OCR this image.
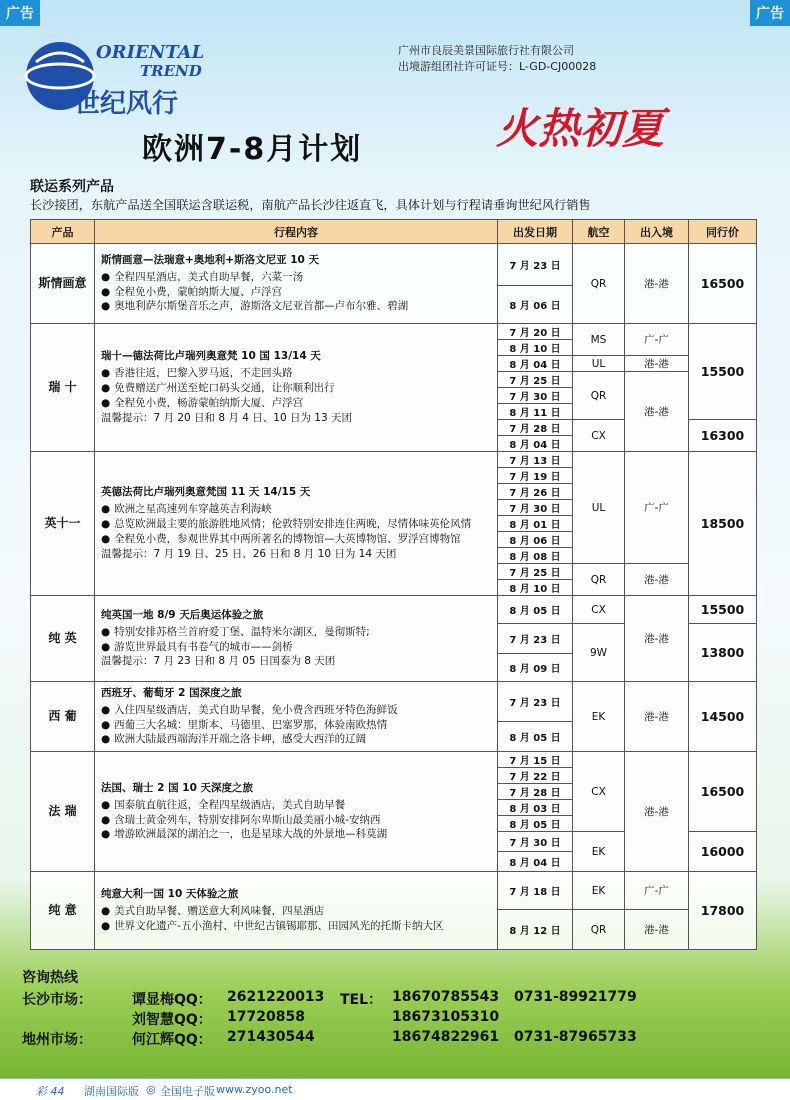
广告	广告
ORIENTAL
TREND
世纪风行
广州市良辰美景国际旅行社有限公司
出境游组团社许可证号：L-GD-CJ00028
欧洲7-8月计划	火热初夏
联运系列产品
长沙接团，东航产品送全国联运含联运税，南航产品长沙往返直飞，具体计划与行程请垂询世纪风行销售
产品	行程内容	出发日期	航空	出入境	同行价
斯情画意	斯情画意—法瑞意+奥地利+斯洛文尼亚 10 天
● 全程四星酒店，美式自助早餐，六菜一汤
● 全程免小费，蒙帕纳斯大厦、卢浮宫
● 奥地利萨尔斯堡音乐之声，游斯洛文尼亚首都—卢布尔雅、碧湖	7 月 23 日	QR	港-港	16500
		8 月 06 日			
瑞 十	瑞十—德法荷比卢瑞列奥意梵 10 国 13/14 天
● 香港往返，巴黎入罗马返，不走回头路
● 免费赠送广州送至蛇口码头交通，让你顺利出行
● 全程免小费，畅游蒙帕纳斯大厦、卢浮宫
温馨提示：7 月 20 日和 8 月 4 日、10 日为 13 天团	7 月 20 日	MS	广-广	15500
		8 月 10 日			
		8 月 04 日	UL	港-港	
		7 月 25 日	QR	港-港	
		7 月 30 日			
		8 月 11 日			
		7 月 28 日	CX		16300
		8 月 04 日			
英十一	英德法荷比卢瑞列奥意梵国 11 天 14/15 天
● 欧洲之星高速列车穿越英吉利海峡
● 总览欧洲最主要的旅游胜地风情；伦敦特别安排连住两晚，尽情体味英伦风情
● 全程免小费，参观世界其中两所著名的博物馆—大英博物馆、罗浮宫博物馆
温馨提示：7 月 19 日、25 日、26 日和 8 月 10 日为 14 天团	7 月 13 日	UL	广-广	18500
		7 月 19 日			
		7 月 26 日			
		7 月 30 日			
		8 月 01 日			
		8 月 06 日			
		8 月 08 日			
		7 月 25 日	QR	港-港	
		8 月 10 日			
纯 英	纯英国一地 8/9 天后奥运体验之旅
● 特别安排苏格兰首府爱丁堡、温特米尔湖区，曼彻斯特;
● 游览世界最具有书卷气的城市——剑桥
温馨提示：7 月 23 日和 8 月 05 日国泰为 8 天团	8 月 05 日	CX	港-港	15500
		7 月 23 日	9W		13800
		8 月 09 日			
西 葡	西班牙、葡萄牙 2 国深度之旅
● 入住四星级酒店，美式自助早餐，免小费含西班牙特色海鲜饭
● 西葡三大名城：里斯本、马德里、巴塞罗那，体验南欧热情
● 欧洲大陆最西端海洋开端之洛卡岬，感受大西洋的辽阔	7 月 23 日	EK	港-港	14500
		8 月 05 日			
法 瑞	法国、瑞士 2 国 10 天深度之旅
● 国泰航直航往返，全程四星级酒店，美式自助早餐
● 含瑞士黄金列车，特别安排阿尔卑斯山最美丽小城-安纳西
● 增游欧洲最深的湖泊之一，也是星球大战的外景地—科莫湖	7 月 15 日	CX	港-港	16500
		7 月 22 日			
		7 月 28 日			
		8 月 03 日			
		8 月 05 日			
		7 月 30 日	EK		16000
		8 月 04 日			
纯 意	纯意大利一国 10 天体验之旅
● 美式自助早餐、赠送意大利风味餐，四星酒店
● 世界文化遗产-五小渔村、中世纪古镇锡耶那、田园风光的托斯卡纳大区	7 月 18 日	EK	广-广	17800
		8 月 12 日	QR	港-港	
咨询热线
长沙市场：	谭显梅QQ： 2621220013 TEL： 18670785543 0731-89921779
刘智慧QQ： 17720858	18673105310
地州市场：	何江辉QQ： 271430544	18674822961 0731-87965733
彩 44 湖南国际版 ◎ 全国电子版 www.zyoo.net
